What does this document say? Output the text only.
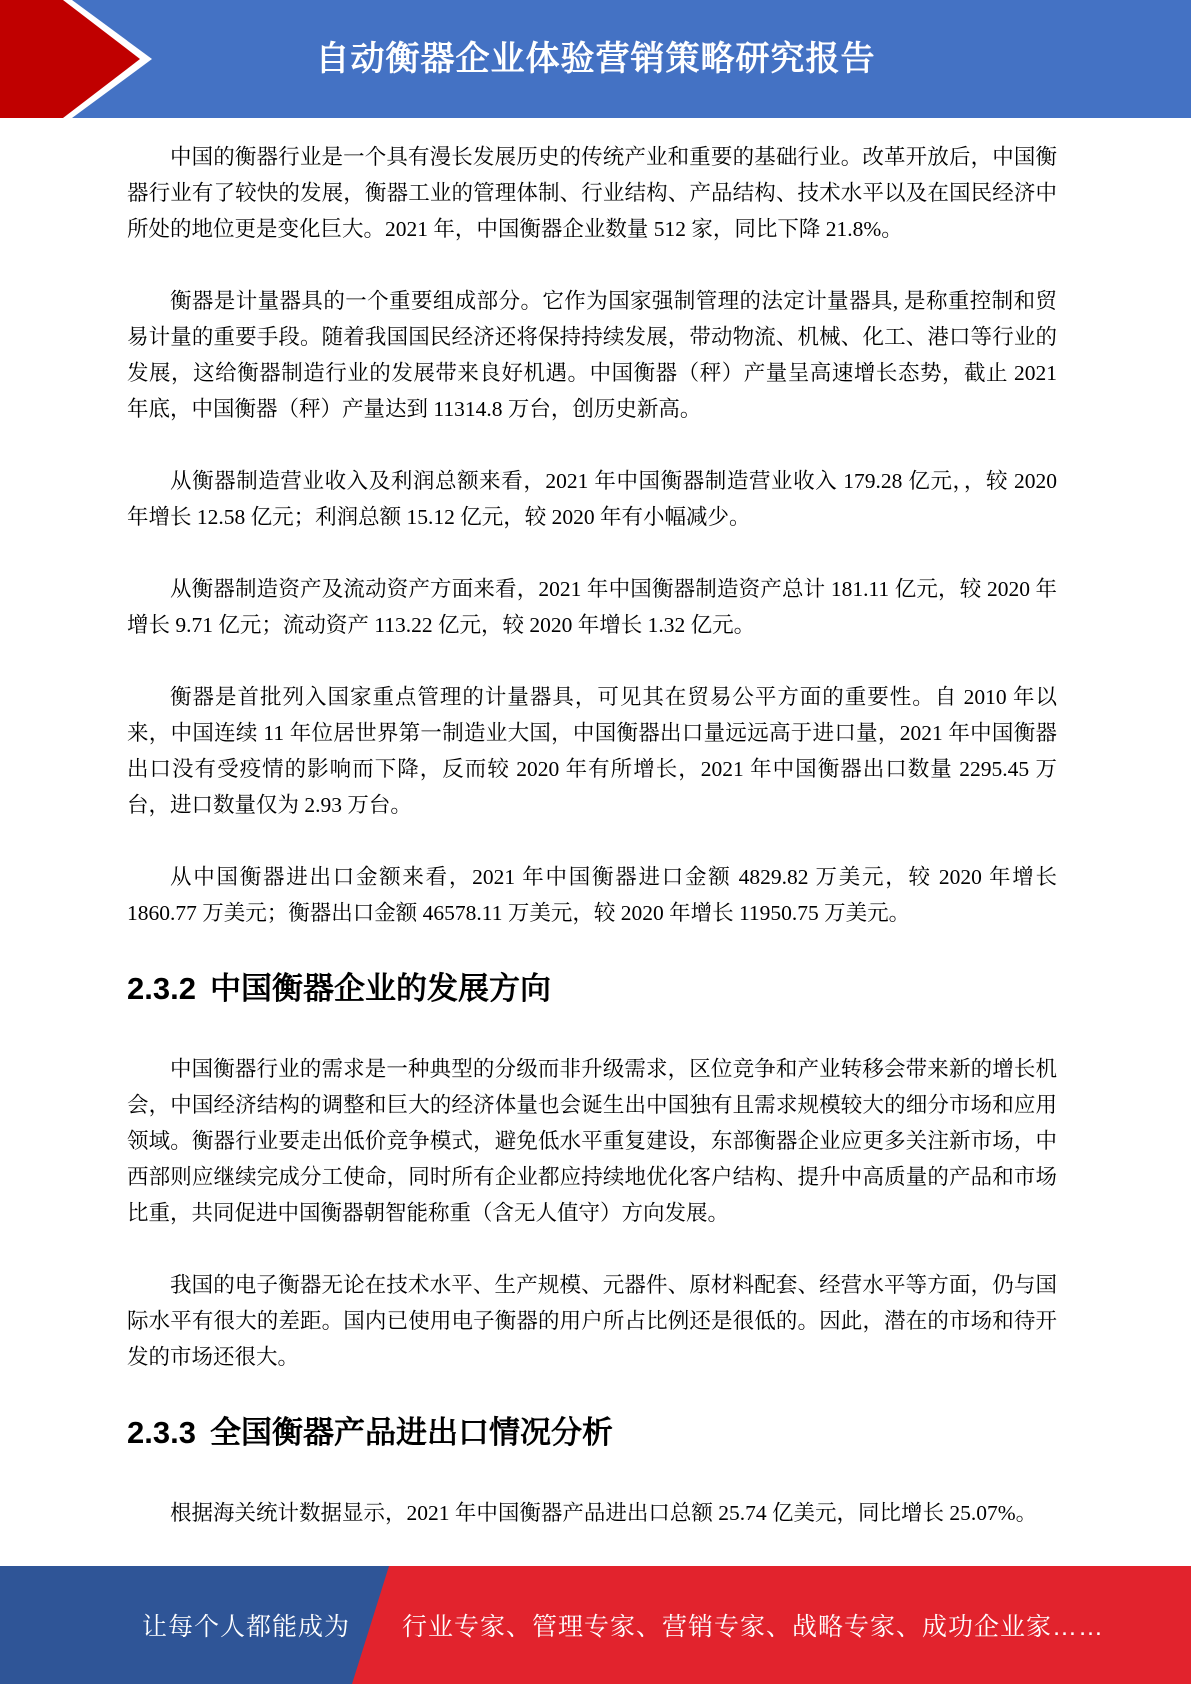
自动衡器企业体验营销策略研究报告

中国的衡器行业是一个具有漫长发展历史的传统产业和重要的基础行业。改革开放后，中国衡器行业有了较快的发展，衡器工业的管理体制、行业结构、产品结构、技术水平以及在国民经济中所处的地位更是变化巨大。2021 年，中国衡器企业数量 512 家，同比下降 21.8%。

衡器是计量器具的一个重要组成部分。它作为国家强制管理的法定计量器具, 是称重控制和贸易计量的重要手段。随着我国国民经济还将保持持续发展，带动物流、机械、化工、港口等行业的发展，这给衡器制造行业的发展带来良好机遇。中国衡器（秤）产量呈高速增长态势，截止 2021 年底，中国衡器（秤）产量达到 11314.8 万台，创历史新高。

从衡器制造营业收入及利润总额来看，2021 年中国衡器制造营业收入 179.28 亿元，，较 2020 年增长 12.58 亿元；利润总额 15.12 亿元，较 2020 年有小幅减少。

从衡器制造资产及流动资产方面来看，2021 年中国衡器制造资产总计 181.11 亿元，较 2020 年增长 9.71 亿元；流动资产 113.22 亿元，较 2020 年增长 1.32 亿元。

衡器是首批列入国家重点管理的计量器具，可见其在贸易公平方面的重要性。自 2010 年以来，中国连续 11 年位居世界第一制造业大国，中国衡器出口量远远高于进口量，2021 年中国衡器出口没有受疫情的影响而下降，反而较 2020 年有所增长，2021 年中国衡器出口数量 2295.45 万台，进口数量仅为 2.93 万台。

从中国衡器进出口金额来看，2021 年中国衡器进口金额 4829.82 万美元，较 2020 年增长 1860.77 万美元；衡器出口金额 46578.11 万美元，较 2020 年增长 11950.75 万美元。

2.3.2 中国衡器企业的发展方向

中国衡器行业的需求是一种典型的分级而非升级需求，区位竞争和产业转移会带来新的增长机会，中国经济结构的调整和巨大的经济体量也会诞生出中国独有且需求规模较大的细分市场和应用领域。衡器行业要走出低价竞争模式，避免低水平重复建设，东部衡器企业应更多关注新市场，中西部则应继续完成分工使命，同时所有企业都应持续地优化客户结构、提升中高质量的产品和市场比重，共同促进中国衡器朝智能称重（含无人值守）方向发展。

我国的电子衡器无论在技术水平、生产规模、元器件、原材料配套、经营水平等方面，仍与国际水平有很大的差距。国内已使用电子衡器的用户所占比例还是很低的。因此，潜在的市场和待开发的市场还很大。

2.3.3 全国衡器产品进出口情况分析

根据海关统计数据显示，2021 年中国衡器产品进出口总额 25.74 亿美元，同比增长 25.07%。

让每个人都能成为 行业专家、管理专家、营销专家、战略专家、成功企业家……
